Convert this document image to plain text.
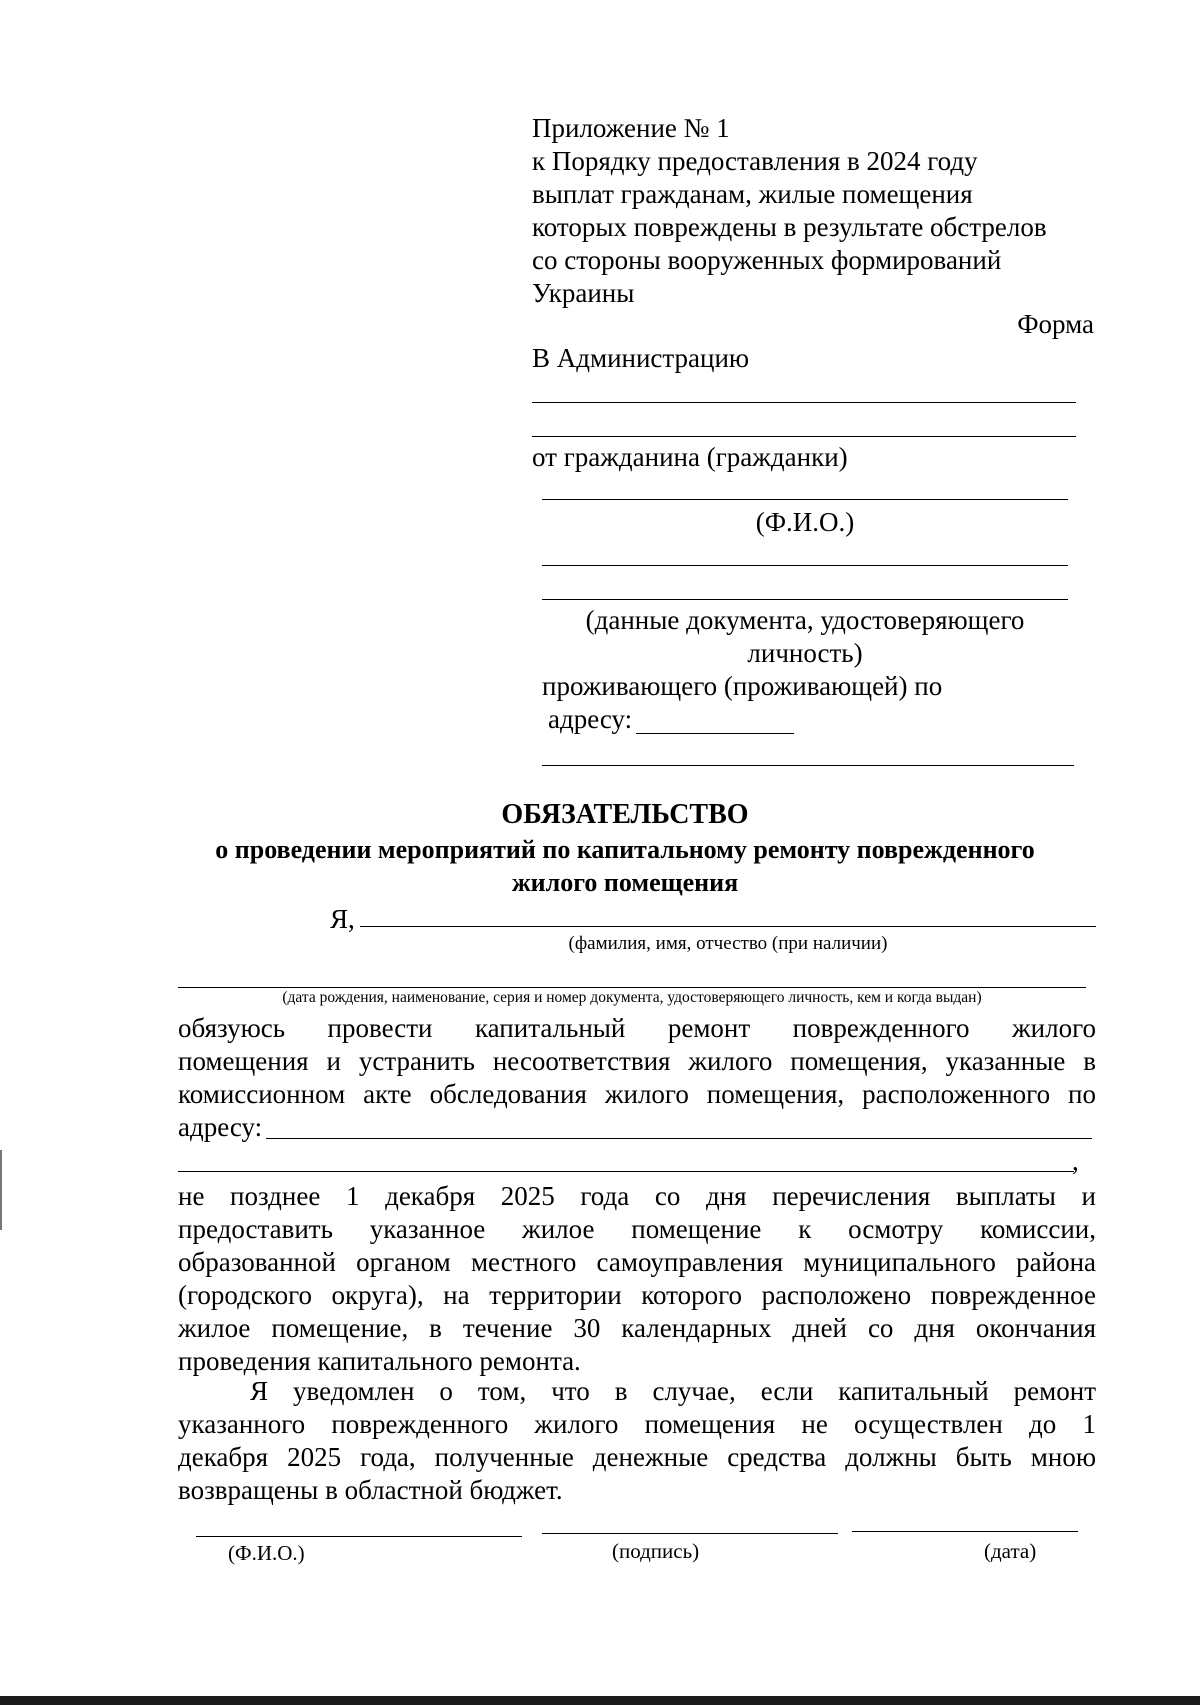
Приложение № 1
к Порядку предоставления в 2024 году
выплат гражданам, жилые помещения
которых повреждены в результате обстрелов
со стороны вооруженных формирований
Украины
Форма
В Администрацию
от гражданина (гражданки)
(Ф.И.О.)
(данные документа, удостоверяющего
личность)
проживающего (проживающей) по
адресу:
ОБЯЗАТЕЛЬСТВО
о проведении мероприятий по капитальному ремонту поврежденного
жилого помещения
Я,
(фамилия, имя, отчество (при наличии)
(дата рождения, наименование, серия и номер документа, удостоверяющего личность, кем и когда выдан)
обязуюсь провести капитальный ремонт поврежденного жилого
помещения и устранить несоответствия жилого помещения, указанные в
комиссионном акте обследования жилого помещения, расположенного по
адресу:
,
не позднее 1 декабря 2025 года со дня перечисления выплаты и
предоставить указанное жилое помещение к осмотру комиссии,
образованной органом местного самоуправления муниципального района
(городского округа), на территории которого расположено поврежденное
жилое помещение, в течение 30 календарных дней со дня окончания
проведения капитального ремонта.
Я уведомлен о том, что в случае, если капитальный ремонт
указанного поврежденного жилого помещения не осуществлен до 1
декабря 2025 года, полученные денежные средства должны быть мною
возвращены в областной бюджет.
(Ф.И.О.)	(подпись)	(дата)
